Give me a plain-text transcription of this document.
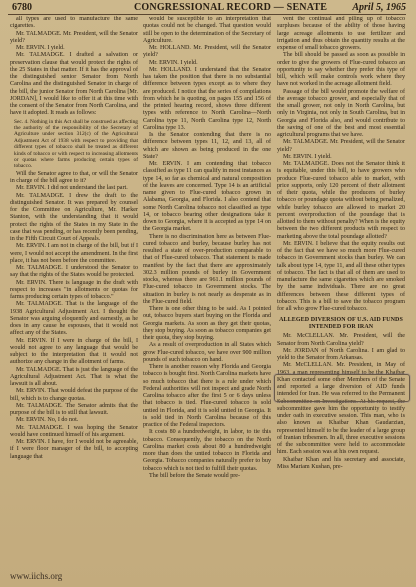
6780	CONGRESSIONAL RECORD — SENATE	April 5, 1965

all types are used to manufacture the same cigarettes.

Mr. TALMADGE. Mr. President, will the Senator yield?

Mr. ERVIN. I yield.

Mr. TALMADGE. I drafted a salvation or preservation clause that would protect the rights of the 25 States in that matter. If it has the approval of the distinguished senior Senator from North Carolina and the distinguished Senator in charge of the bill, the junior Senator from North Carolina [Mr. JORDAN], I would like to offer it at this time with the consent of the Senator from North Carolina, and have it adopted. It reads as follows:

Sec. 4. Nothing in this Act shall be construed as affecting the authority of the responsibility of the Secretary of Agriculture under section 312(c) of the Agricultural Adjustment Act of 1938 with respect to providing that different types of tobacco shall be treated as different kinds of tobacco or with respect to increasing allotments or quotas where farms producing certain types of tobacco.

Will the Senator agree to that, or will the Senator in charge of the bill agree to it?

Mr. ERVIN. I did not understand the last part.

Mr. TALMADGE. I drew the draft to the distinguished Senator. It was prepared by counsel for the Committee on Agriculture, Mr. Harker Stanton, with the understanding that it would protect the rights of the States in my State in the case that was pending, or has recently been pending, in the Fifth Circuit Court of Appeals.

Mr. ERVIN. I am not in charge of the bill, but if I were, I would not accept the amendment. In the first place, it has not been before the committee.

Mr. TALMADGE. I understood the Senator to say that the rights of the States would be protected.

Mr. ERVIN. There is language in the draft with respect to increases "in allotments or quotas for farms producing certain types of tobacco."

Mr. TALMADGE. That is the language of the 1938 Agricultural Adjustment Act. I thought the Senator was arguing eloquently and earnestly, as he does in any cause he espouses, that it would not affect any of the States.

Mr. ERVIN. If I were in charge of the bill, I would not agree to any language that would be subject to the interpretation that it would not authorize any change in the allotment of farms.

Mr. TALMADGE. That is just the language of the Agricultural Adjustment Act. That is what the lawsuit is all about.

Mr. ERVIN. That would defeat the purpose of the bill, which is to change quotas.

Mr. TALMADGE. The Senator admits that the purpose of the bill is to still that lawsuit.

Mr. ERVIN. No, I do not.

Mr. TALMADGE. I was hoping the Senator would have continued himself of his argument.

Mr. ERVIN. I have, for I would not be agreeable, if I were floor manager of the bill, to accepting language that

would be susceptible to an interpretation that quotas could not be changed. That question would still be open to the determination of the Secretary of Agriculture.

Mr. HOLLAND. Mr. President, will the Senator yield?

Mr. ERVIN. I yield.

Mr. HOLLAND. I understand that the Senator has taken the position that there is no substantial difference between types except as to where they are produced. I notice that the series of compilations from which he is quoting, on pages 155 and 156 of the printed hearing record, shows three different types with reference to North Carolina—North Carolina type 11, North Carolina type 12, North Carolina type 13.

Is the Senator contending that there is no difference between types 11, 12, and 13, all of which are shown as being produced in the one State?

Mr. ERVIN. I am contending that tobacco classified as type 11 can qualify in most instances as type 14, so far as chemical and natural composition of the leaves are concerned. Type 14 is an artificial name given to Flue-cured tobacco grown in Alabama, Georgia, and Florida. I also contend that some North Carolina tobacco not classified as type 14, or tobacco bearing other designations take it down to Georgia, where it is accepted as type 14 on the Georgia market.

There is no discrimination here as between Flue-cured tobacco and burley, because burley has not resulted a state of over-production comparable to that of Flue-cured tobacco. That statement is made manifest by the fact that there are approximately 302.3 million pounds of burley in Government stocks, whereas there are 961.1 million pounds of Flue-cured tobacco in Government stocks. The situation in burley is not nearly as desperate as in the Flue-cured field.

There is one other thing to be said. As I pointed out, tobacco buyers start buying on the Florida and Georgia markets. As soon as they get their quotas, they stop buying. As soon as tobacco companies get their quota, they stop buying.

As a result of overproduction in all States which grow Flue-cured tobacco, we have over 900 million pounds of such tobacco on hand.

There is another reason why Florida and Georgia tobacco is bought first. North Carolina markets have so much tobacco that there is a rule under which Federal authorities will not inspect and grade North Carolina tobacco after the first 5 or 6 days unless that tobacco is tied. Flue-cured tobacco is sold untied in Florida, and it is sold untied in Georgia. It is sold tied in North Carolina because of this practice of the Federal inspectors.

It costs 80 a hundredweight, in labor, to tie this tobacco. Consequently, the tobacco on the North Carolina market costs about 80 a hundredweight more than does the untied tobacco in Florida and Georgia. Tobacco companies naturally prefer to buy tobacco which is not tied to fulfill their quotas.

The bill before the Senate would pre-

vent the continual and piling up of tobacco surpluses because of the ability of those having large acreage allotments to use fertilizer and irrigation and thus obtain the quantity results at the expense of small tobacco growers.

The bill should be passed as soon as possible in order to give the growers of Flue-cured tobacco an opportunity to say whether they prefer this type of bill, which will make controls work where they have not worked in the acreage allotment field.

Passage of the bill would promote the welfare of the average tobacco grower, and especially that of the small grower, not only in North Carolina, but only in Virginia, not only in South Carolina, but in Georgia and Florida also, and would contribute to the saving of one of the best and most essential agricultural programs that we have.

Mr. TALMADGE. Mr. President, will the Senator yield?

Mr. ERVIN. I yield.

Mr. TALMADGE. Does not the Senator think it is equitable, under this bill, to have growers who produce Flue-cured tobacco able to market, with price supports, only 120 percent of their allotment of their quota, while the producers of burley tobacco or poundage quota without being penalized, while burley tobacco are allowed to market 20 percent overproduction of the poundage that is allotted to them without penalty? When is the equity between the two different products with respect to marketing above the total poundage allotted?

Mr. ERVIN. I believe that the equity results out of the fact that we have so much more Flue-cured tobacco in Government stocks than burley. We can talk about type 14, type 11, and all these other types of tobacco. The fact is that all of them are used to manufacture the same cigarettes which are smoked by the same individuals. There are no great differences between these different types of tobacco. This is a bill to save the tobacco program for all who grow Flue-cured tobacco.

ALLEGED DIVERSION OF U.S. AID FUNDS INTENDED FOR IRAN

Mr. McCLELLAN. Mr. President, will the Senator from North Carolina yield?

Mr. JORDAN of North Carolina. I am glad to yield to the Senator from Arkansas.

Mr. McCLELLAN. Mr. President, in May of 1963, a man representing himself to be the Khaibar Khan contacted some other Members of the Senate and reported a large diversion of AID funds intended for Iran. He was referred to the Permanent Subcommittee on Investigations. At his request, the subcommittee gave him the opportunity to testify under oath in executive session. This man, who is also known as Khaibar Khan Gaudarzian, represented himself to be the leader of a large group of Iranian tribesmen. In all, three executive sessions of the subcommittee were held to accommodate him. Each session was at his own request.

Khaibar Khan and his secretary and associate, Miss Mariam Kushan, pre-

www.iichs.org
